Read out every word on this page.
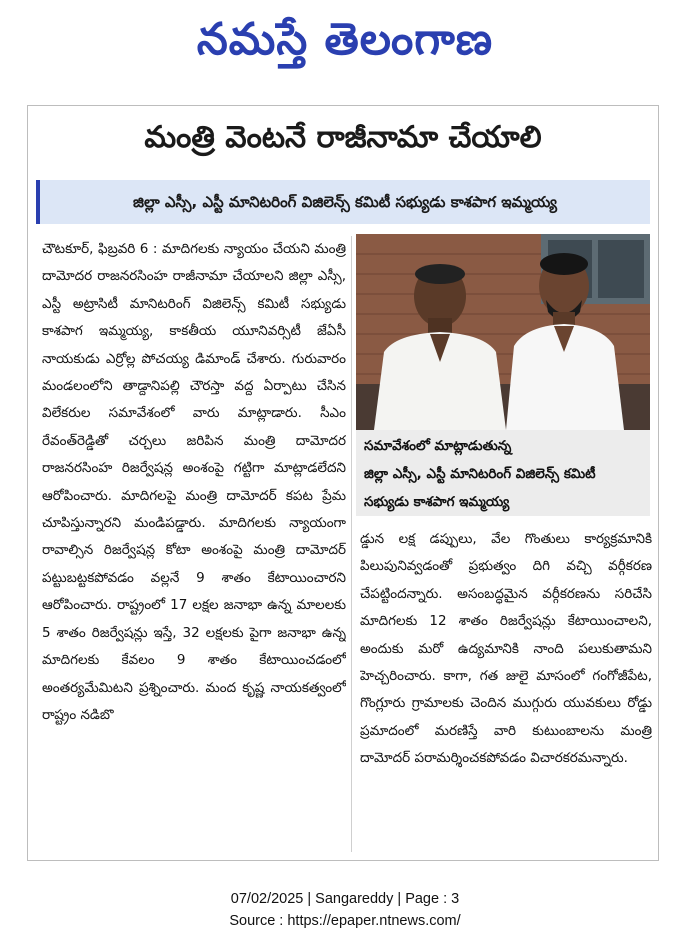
నమస్తే తెలంగాణ
మంత్రి వెంటనే రాజీనామా చేయాలి
జిల్లా ఎస్సీ, ఎస్టీ మానిటరింగ్ విజిలెన్స్ కమిటీ సభ్యుడు కాశపాగ ఇమ్మయ్య
చౌటకూర్, ఫిబ్రవరి 6 : మాదిగలకు న్యాయం చేయని మంత్రి దామోదర రాజనరసింహ రాజీనామా చేయాలని జిల్లా ఎస్సీ, ఎస్టీ అట్రాసిటీ మానిటరింగ్ విజిలెన్స్ కమిటీ సభ్యుడు కాశపాగ ఇమ్మయ్య, కాకతీయ యూనివర్సిటీ జేఏసీ నాయకుడు ఎర్రోల్ల పోచయ్య డిమాండ్ చేశారు. గురువారం మండలంలోని తాడ్దానిపల్లి చౌరస్తా వద్ద ఏర్పాటు చేసిన విలేకరుల సమావేశంలో వారు మాట్లాడారు. సీఎం రేవంత్‌రెడ్డితో చర్చలు జరిపిన మంత్రి దామోదర రాజనరసింహ రిజర్వేషన్ల అంశంపై గట్టిగా మాట్లాడలేదని ఆరోపించారు. మాదిగలపై మంత్రి దామోదర్ కపట ప్రేమ చూపిస్తున్నారని మండిపడ్డారు. మాదిగలకు న్యాయంగా రావాల్సిన రిజర్వేషన్ల కోటా అంశంపై మంత్రి దామోదర్ పట్టుబట్టకపోవడం వల్లనే 9 శాతం కేటాయించారని ఆరోపించారు. రాష్ట్రంలో 17 లక్షల జనాభా ఉన్న మాలలకు 5 శాతం రిజర్వేషన్లు ఇస్తే, 32 లక్షలకు పైగా జనాభా ఉన్న మాదిగలకు కేవలం 9 శాతం కేటాయించడంలో అంతర్యమేమిటని ప్రశ్నించారు. మంద కృష్ణ నాయకత్వంలో రాష్ట్రం నడిబొ
సమావేశంలో మాట్లాడుతున్న
జిల్లా ఎస్సీ, ఎస్టీ మానిటరింగ్ విజిలెన్స్ కమిటీ
సభ్యుడు కాశపాగ ఇమ్మయ్య
డ్డున లక్ష డప్పులు, వేల గొంతులు కార్యక్రమానికి పిలుపునివ్వడంతో ప్రభుత్వం దిగి వచ్చి వర్గీకరణ చేపట్టిందన్నారు. అసంబద్ధమైన వర్గీకరణను సరిచేసి మాదిగలకు 12 శాతం రిజర్వేషన్లు కేటాయించాలని, అందుకు మరో ఉద్యమానికి నాంది పలుకుతామని హెచ్చరించారు. కాగా, గత జులై మాసంలో గంగోజీపేట, గొంగ్లూరు గ్రామాలకు చెందిన ముగ్గురు యువకులు రోడ్డు ప్రమాదంలో మరణిస్తే వారి కుటుంబాలను మంత్రి దామోదర్ పరామర్శించకపోవడం విచారకరమన్నారు.
07/02/2025 | Sangareddy | Page : 3
Source : https://epaper.ntnews.com/
